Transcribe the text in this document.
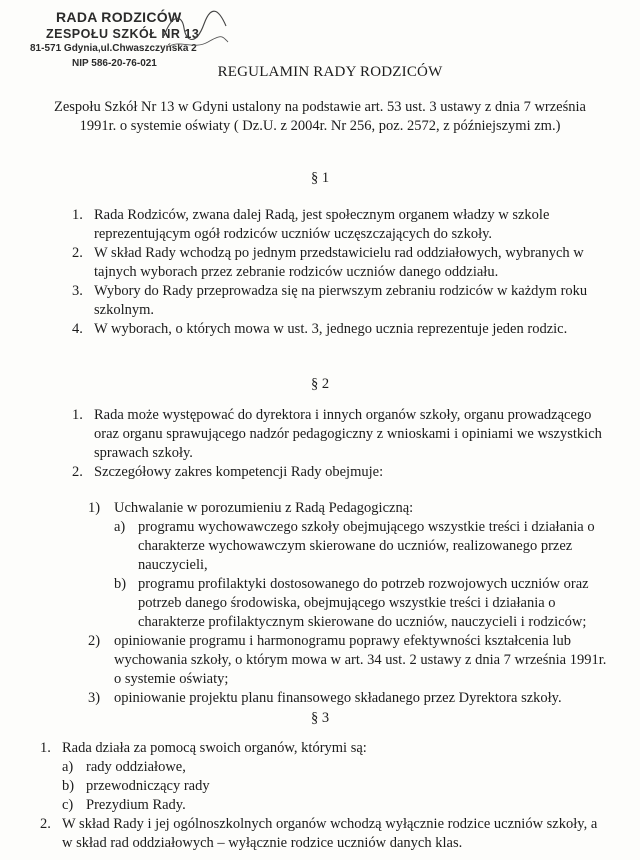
RADA RODZICÓW
ZESPOŁU SZKÓŁ NR 13
81-571 Gdynia,ul.Chwaszczyńska 2
NIP 586-20-76-021
REGULAMIN RADY RODZICÓW
Zespołu Szkół Nr 13 w Gdyni ustalony na podstawie art. 53 ust. 3 ustawy z dnia 7 września 1991r. o systemie oświaty ( Dz.U. z 2004r. Nr 256, poz. 2572, z późniejszymi zm.)
§ 1
1. Rada Rodziców, zwana dalej Radą, jest społecznym organem władzy w szkole reprezentującym ogół rodziców uczniów uczęszczających do szkoły.
2. W skład Rady wchodzą po jednym przedstawicielu rad oddziałowych, wybranych w tajnych wyborach przez zebranie rodziców uczniów danego oddziału.
3. Wybory do Rady przeprowadza się na pierwszym zebraniu rodziców w każdym roku szkolnym.
4. W wyborach, o których mowa w ust. 3, jednego ucznia reprezentuje jeden rodzic.
§ 2
1. Rada może występować do dyrektora i innych organów szkoły, organu prowadzącego oraz organu sprawującego nadzór pedagogiczny z wnioskami i opiniami we wszystkich sprawach szkoły.
2. Szczegółowy zakres kompetencji Rady obejmuje:
1) Uchwalanie w porozumieniu z Radą Pedagogiczną:
a) programu wychowawczego szkoły obejmującego wszystkie treści i działania o charakterze wychowawczym skierowane do uczniów, realizowanego przez nauczycieli,
b) programu profilaktyki dostosowanego do potrzeb rozwojowych uczniów oraz potrzeb danego środowiska, obejmującego wszystkie treści i działania o charakterze profilaktycznym skierowane do uczniów, nauczycieli i rodziców;
2) opiniowanie programu i harmonogramu poprawy efektywności kształcenia lub wychowania szkoły, o którym mowa w art. 34 ust. 2 ustawy z dnia 7 września 1991r. o systemie oświaty;
3) opiniowanie projektu planu finansowego składanego przez Dyrektora szkoły.
§ 3
1. Rada działa za pomocą swoich organów, którymi są:
a) rady oddziałowe,
b) przewodniczący rady
c) Prezydium Rady.
2. W skład Rady i jej ogólnoszkolnych organów wchodzą wyłącznie rodzice uczniów szkoły, a w skład rad oddziałowych – wyłącznie rodzice uczniów danych klas.
